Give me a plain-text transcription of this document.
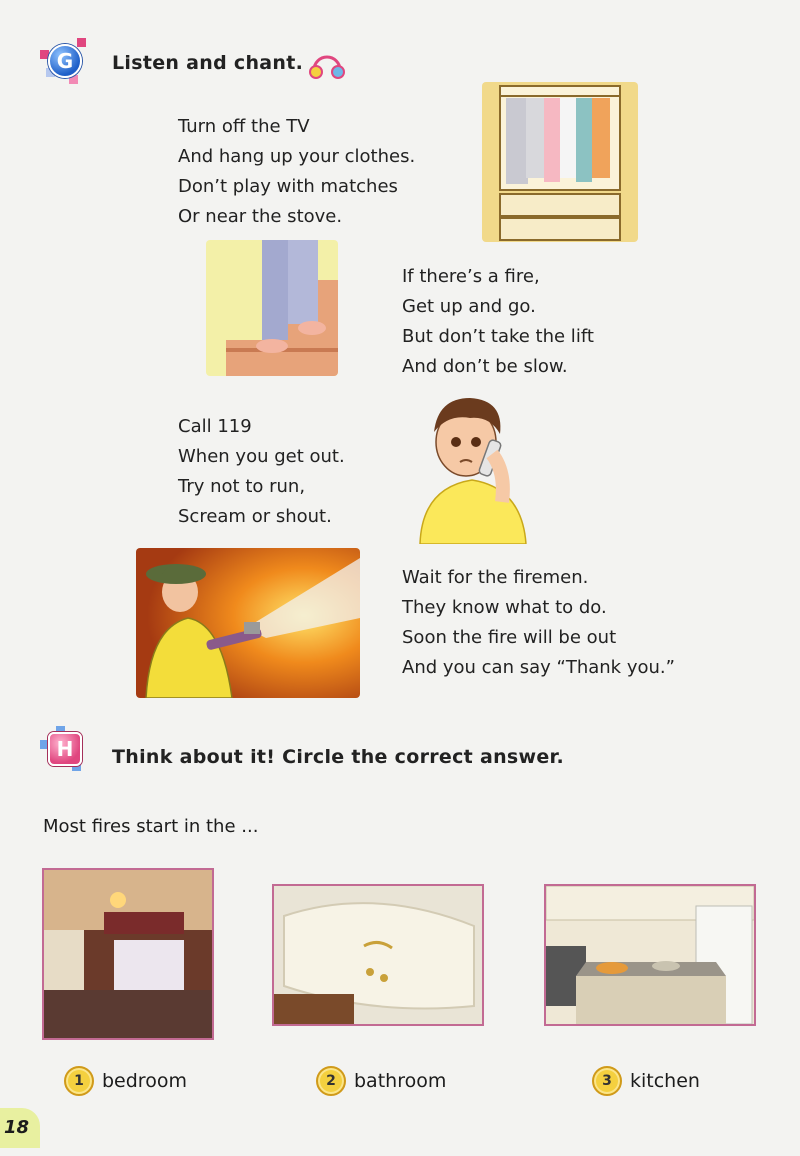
G	Listen and chant.
Turn off the TV
And hang up your clothes.
Don’t play with matches
Or near the stove.
If there’s a fire,
Get up and go.
But don’t take the lift
And don’t be slow.
Call 119
When you get out.
Try not to run,
Scream or shout.
Wait for the firemen.
They know what to do.
Soon the fire will be out
And you can say “Thank you.”
H	Think about it! Circle the correct answer.
Most fires start in the ...
1 bedroom	2 bathroom	3 kitchen
18
